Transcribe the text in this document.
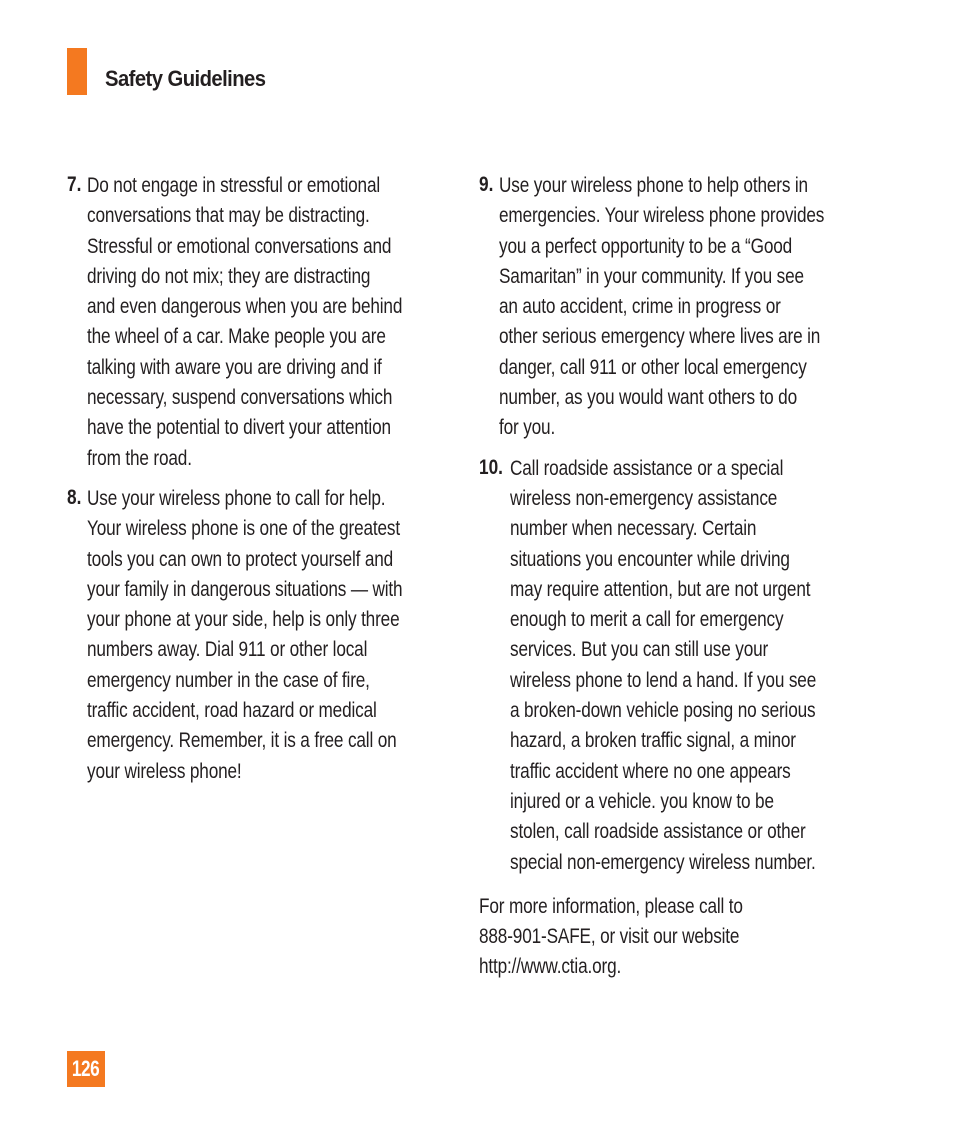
Safety Guidelines
7. Do not engage in stressful or emotional
conversations that may be distracting.
Stressful or emotional conversations and
driving do not mix; they are distracting
and even dangerous when you are behind
the wheel of a car. Make people you are
talking with aware you are driving and if
necessary, suspend conversations which
have the potential to divert your attention
from the road.
8. Use your wireless phone to call for help.
Your wireless phone is one of the greatest
tools you can own to protect yourself and
your family in dangerous situations — with
your phone at your side, help is only three
numbers away. Dial 911 or other local
emergency number in the case of fire,
traffic accident, road hazard or medical
emergency. Remember, it is a free call on
your wireless phone!
9. Use your wireless phone to help others in
emergencies. Your wireless phone provides
you a perfect opportunity to be a “Good
Samaritan” in your community. If you see
an auto accident, crime in progress or
other serious emergency where lives are in
danger, call 911 or other local emergency
number, as you would want others to do
for you.
10. Call roadside assistance or a special
wireless non-emergency assistance
number when necessary. Certain
situations you encounter while driving
may require attention, but are not urgent
enough to merit a call for emergency
services. But you can still use your
wireless phone to lend a hand. If you see
a broken-down vehicle posing no serious
hazard, a broken traffic signal, a minor
traffic accident where no one appears
injured or a vehicle. you know to be
stolen, call roadside assistance or other
special non-emergency wireless number.
For more information, please call to
888-901-SAFE, or visit our website
http://www.ctia.org.
126
